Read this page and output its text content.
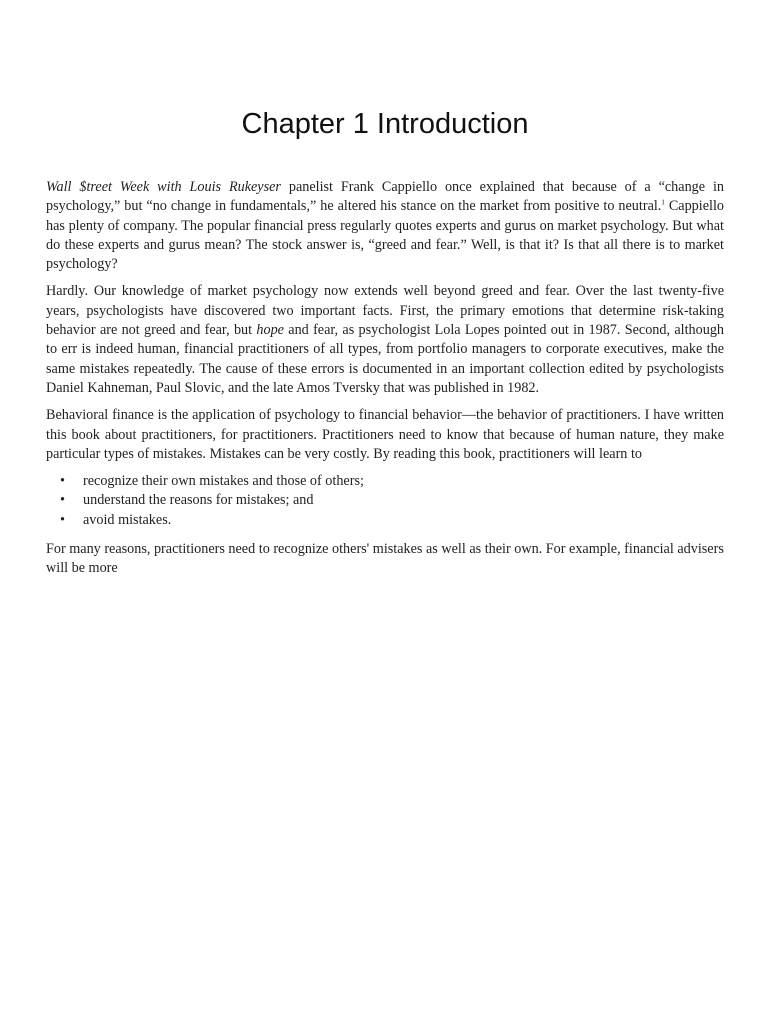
Chapter 1 Introduction

Wall $treet Week with Louis Rukeyser panelist Frank Cappiello once explained that because of a “change in psychology,” but “no change in fundamentals,” he altered his stance on the market from positive to neutral.$^1$ Cappiello has plenty of company. The popular financial press regularly quotes experts and gurus on market psychology. But what do these experts and gurus mean? The stock answer is, “greed and fear.” Well, is that it? Is that all there is to market psychology?

Hardly. Our knowledge of market psychology now extends well beyond greed and fear. Over the last twenty-five years, psychologists have discovered two important facts. First, the primary emotions that determine risk-taking behavior are not greed and fear, but hope and fear, as psychologist Lola Lopes pointed out in 1987. Second, although to err is indeed human, financial practitioners of all types, from portfolio managers to corporate executives, make the same mistakes repeatedly. The cause of these errors is documented in an important collection edited by psychologists Daniel Kahneman, Paul Slovic, and the late Amos Tversky that was published in 1982.

Behavioral finance is the application of psychology to financial behavior—the behavior of practitioners. I have written this book about practitioners, for practitioners. Practitioners need to know that because of human nature, they make particular types of mistakes. Mistakes can be very costly. By reading this book, practitioners will learn to

• recognize their own mistakes and those of others;
• understand the reasons for mistakes; and
• avoid mistakes.

For many reasons, practitioners need to recognize others' mistakes as well as their own. For example, financial advisers will be more
